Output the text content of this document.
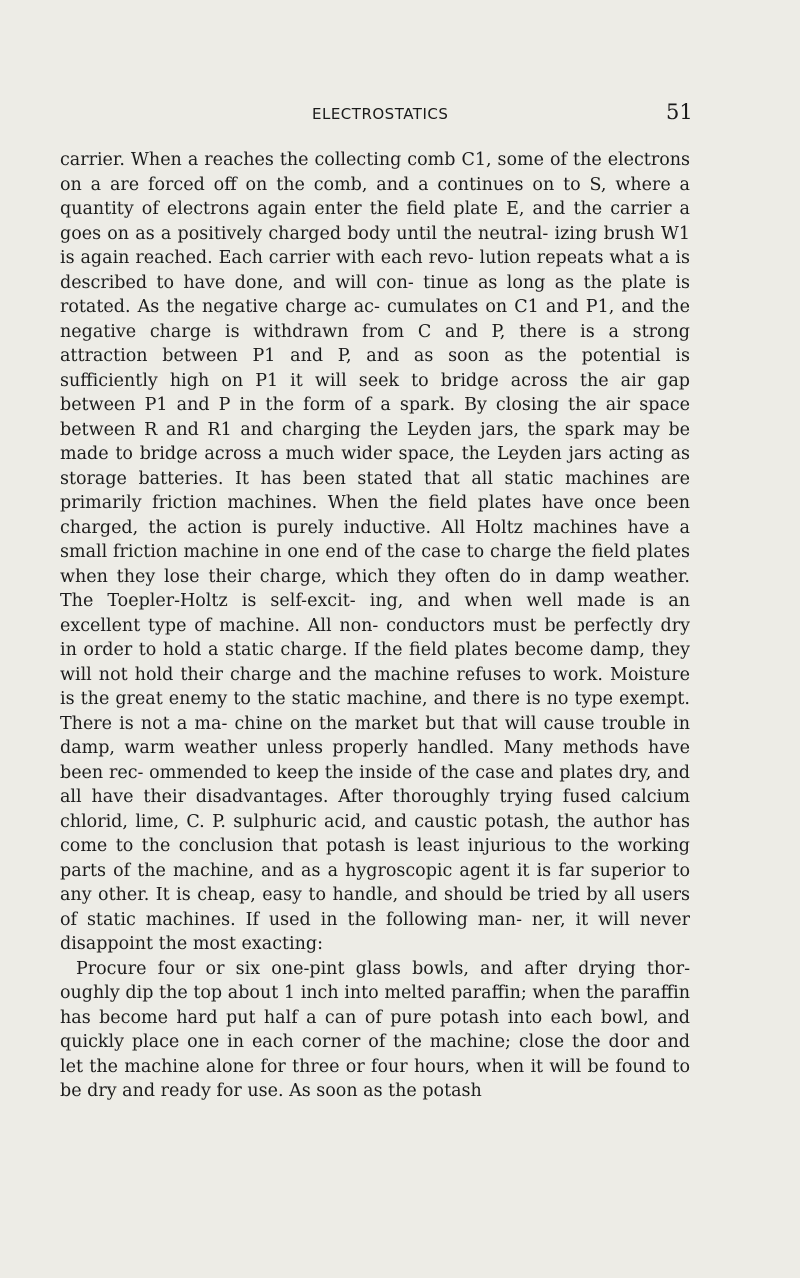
ELECTROSTATICS	51

carrier. When a reaches the collecting comb C1, some of the electrons on a are forced off on the comb, and a continues on to S, where a quantity of electrons again enter the field plate E, and the carrier a goes on as a positively charged body until the neutral- izing brush W1 is again reached. Each carrier with each revo- lution repeats what a is described to have done, and will con- tinue as long as the plate is rotated. As the negative charge ac- cumulates on C1 and P1, and the negative charge is withdrawn from C and P, there is a strong attraction between P1 and P, and as soon as the potential is sufficiently high on P1 it will seek to bridge across the air gap between P1 and P in the form of a spark. By closing the air space between R and R1 and charging the Leyden jars, the spark may be made to bridge across a much wider space, the Leyden jars acting as storage batteries. It has been stated that all static machines are primarily friction machines. When the field plates have once been charged, the action is purely inductive. All Holtz machines have a small friction machine in one end of the case to charge the field plates when they lose their charge, which they often do in damp weather. The Toepler-Holtz is self-excit- ing, and when well made is an excellent type of machine. All non- conductors must be perfectly dry in order to hold a static charge. If the field plates become damp, they will not hold their charge and the machine refuses to work. Moisture is the great enemy to the static machine, and there is no type exempt. There is not a ma- chine on the market but that will cause trouble in damp, warm weather unless properly handled. Many methods have been rec- ommended to keep the inside of the case and plates dry, and all have their disadvantages. After thoroughly trying fused calcium chlorid, lime, C. P. sulphuric acid, and caustic potash, the author has come to the conclusion that potash is least injurious to the working parts of the machine, and as a hygroscopic agent it is far superior to any other. It is cheap, easy to handle, and should be tried by all users of static machines. If used in the following man- ner, it will never disappoint the most exacting:

Procure four or six one-pint glass bowls, and after drying thor- oughly dip the top about 1 inch into melted paraffin; when the paraffin has become hard put half a can of pure potash into each bowl, and quickly place one in each corner of the machine; close the door and let the machine alone for three or four hours, when it will be found to be dry and ready for use. As soon as the potash
